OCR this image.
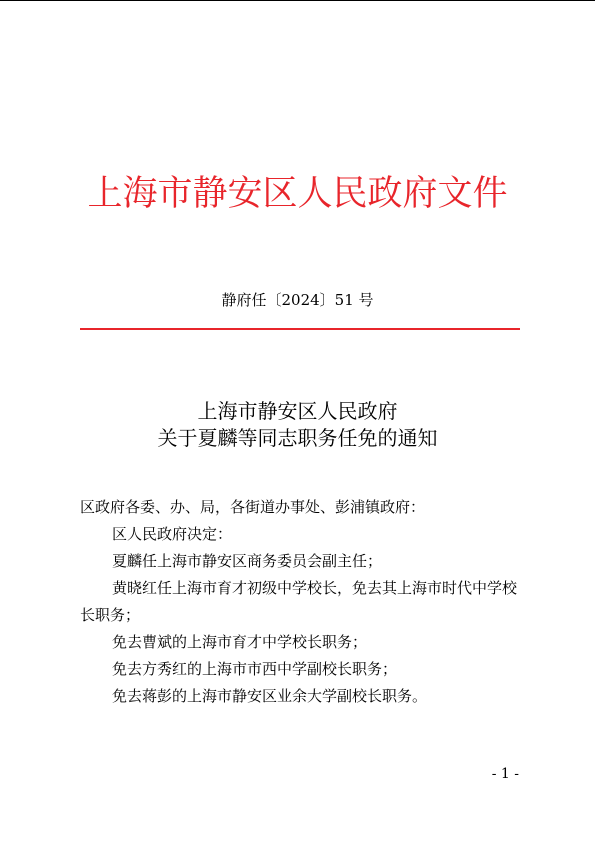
上海市静安区人民政府文件
静府任〔2024〕51 号
上海市静安区人民政府
关于夏麟等同志职务任免的通知

区政府各委、办、局，各街道办事处、彭浦镇政府：

区人民政府决定：

夏麟任上海市静安区商务委员会副主任；

黄晓红任上海市育才初级中学校长，免去其上海市时代中学校长职务；

免去曹斌的上海市育才中学校长职务；

免去方秀红的上海市市西中学副校长职务；

免去蒋彭的上海市静安区业余大学副校长职务。

- 1 -
